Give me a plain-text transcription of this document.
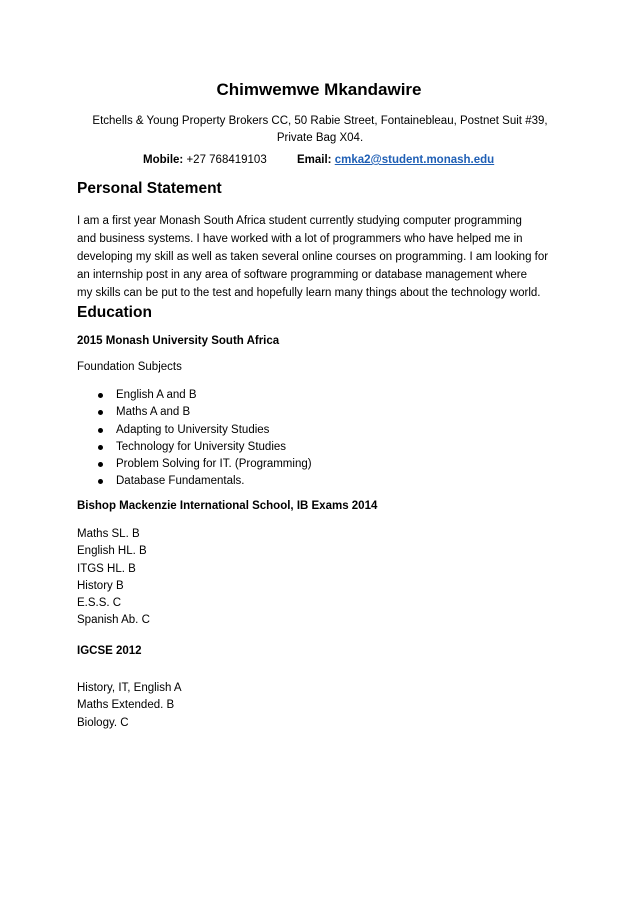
Chimwemwe Mkandawire
Etchells & Young Property Brokers CC, 50 Rabie Street, Fontainebleau, Postnet Suit #39,
Private Bag X04.
Mobile: +27 768419103	Email: cmka2@student.monash.edu
Personal Statement
I am a first year Monash South Africa student currently studying computer programming
and business systems. I have worked with a lot of programmers who have helped me in
developing my skill as well as taken several online courses on programming. I am looking for
an internship post in any area of software programming or database management where
my skills can be put to the test and hopefully learn many things about the technology world.
Education
2015 Monash University South Africa
Foundation Subjects
English A and B
Maths A and B
Adapting to University Studies
Technology for University Studies
Problem Solving for IT. (Programming)
Database Fundamentals.
Bishop Mackenzie International School, IB Exams 2014
Maths SL. B
English HL. B
ITGS HL. B
History B
E.S.S. C
Spanish Ab. C
IGCSE 2012
History, IT, English A
Maths Extended. B
Biology. C
